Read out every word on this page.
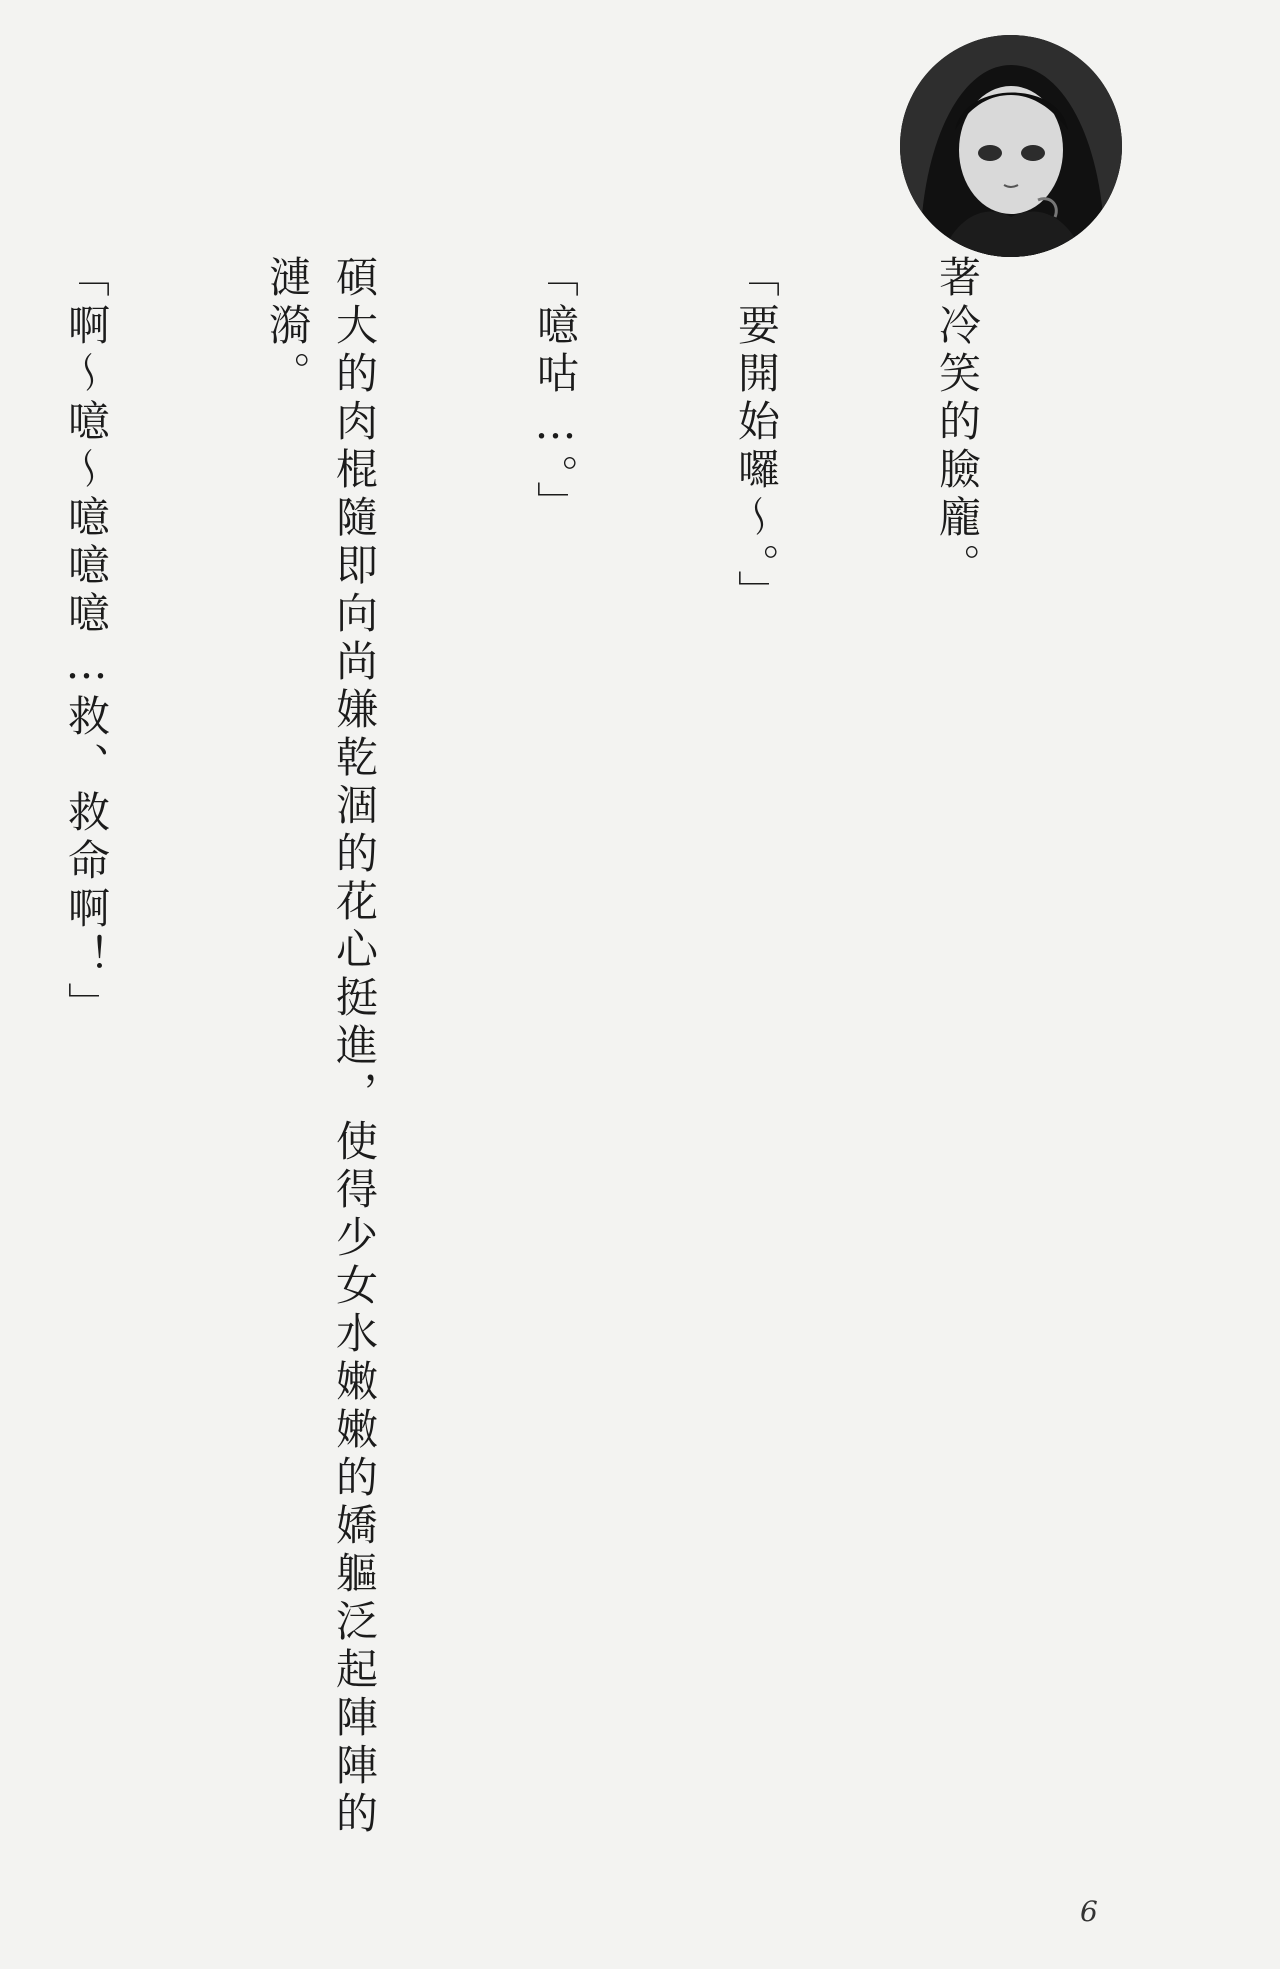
著冷笑的臉龐。

「要開始囉～。」

「噫咕…。」

碩大的肉棍隨即向尚嫌乾涸的花心挺進，使得少女水嫩嫩的嬌軀泛起陣陣的漣漪。

「啊～噫～噫噫噫…救、救命啊！」

6
